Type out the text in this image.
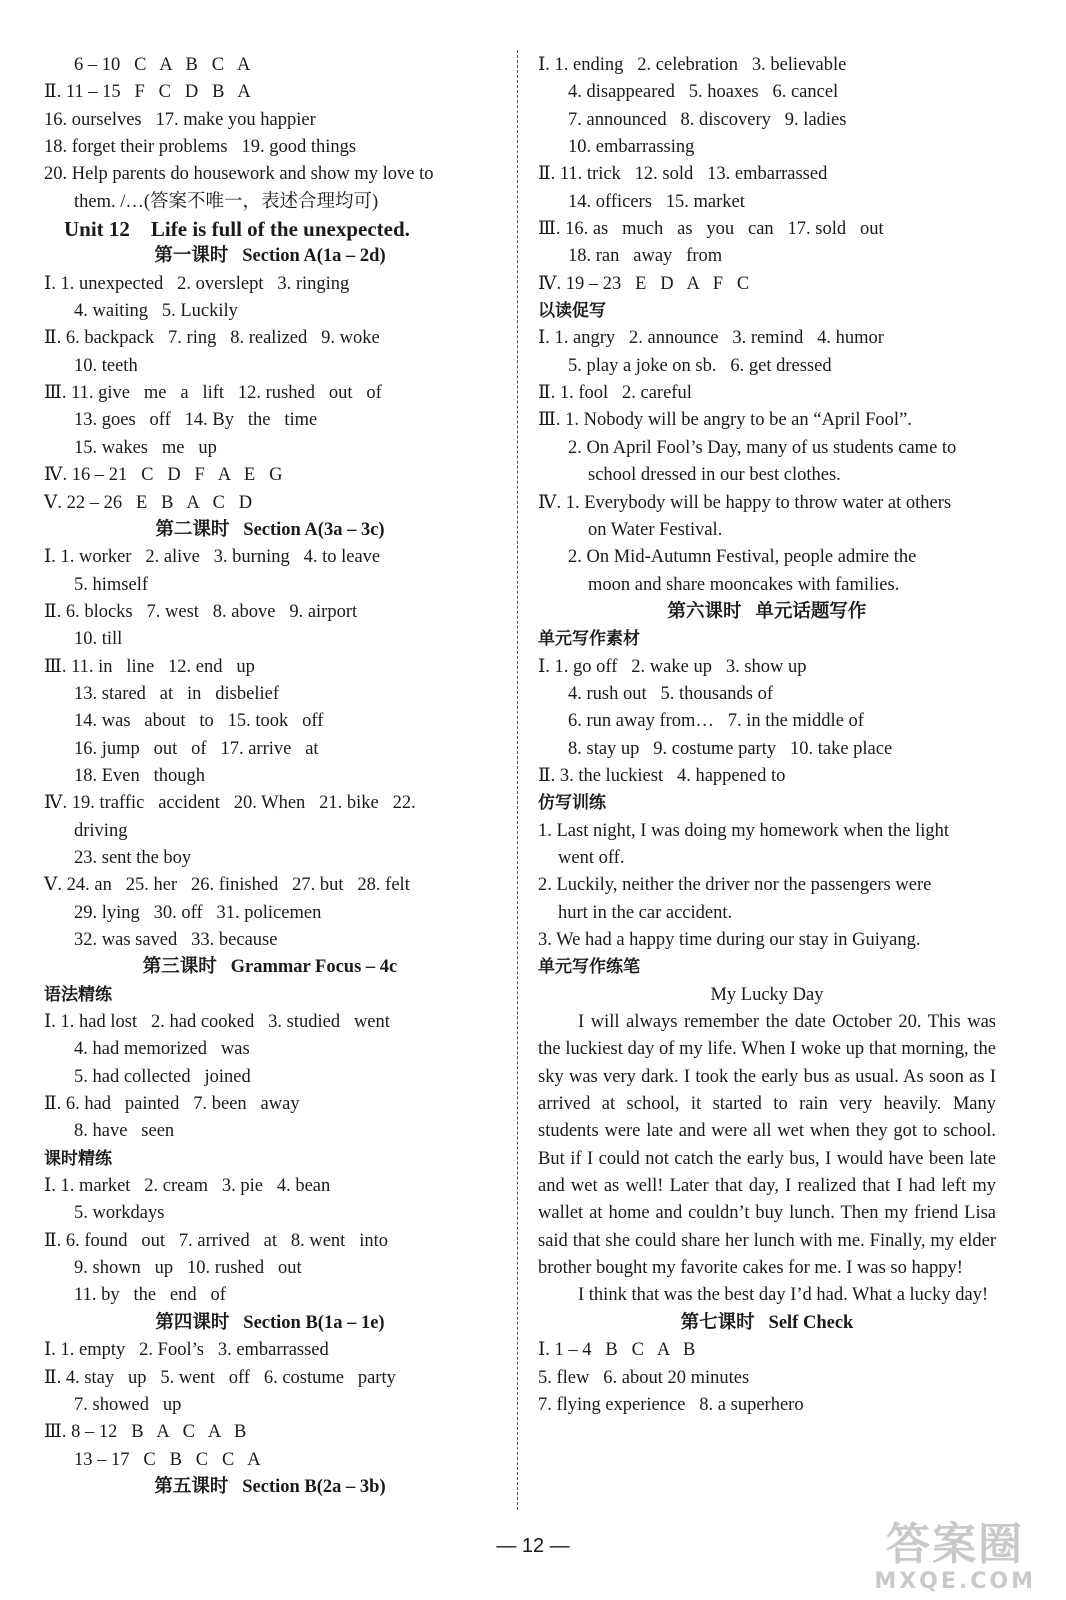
6 – 10   C   A   B   C   A
Ⅱ. 11 – 15   F   C   D   B   A
16. ourselves   17. make you happier
18. forget their problems   19. good things
20. Help parents do housework and show my love to
them. /…(答案不唯一，表述合理均可)
Unit 12    Life is full of the unexpected.
第一课时   Section A(1a – 2d)
Ⅰ. 1. unexpected   2. overslept   3. ringing
4. waiting   5. Luckily
Ⅱ. 6. backpack   7. ring   8. realized   9. woke
10. teeth
Ⅲ. 11. give   me   a   lift   12. rushed   out   of
13. goes   off   14. By   the   time
15. wakes   me   up
Ⅳ. 16 – 21   C   D   F   A   E   G
Ⅴ. 22 – 26   E   B   A   C   D
第二课时   Section A(3a – 3c)
Ⅰ. 1. worker   2. alive   3. burning   4. to leave
5. himself
Ⅱ. 6. blocks   7. west   8. above   9. airport
10. till
Ⅲ. 11. in   line   12. end   up
13. stared   at   in   disbelief
14. was   about   to   15. took   off
16. jump   out   of   17. arrive   at
18. Even   though
Ⅳ. 19. traffic   accident   20. When   21. bike   22.
driving
23. sent the boy
Ⅴ. 24. an   25. her   26. finished   27. but   28. felt
29. lying   30. off   31. policemen
32. was saved   33. because
第三课时   Grammar Focus – 4c
语法精练
Ⅰ. 1. had lost   2. had cooked   3. studied   went
4. had memorized   was
5. had collected   joined
Ⅱ. 6. had   painted   7. been   away
8. have   seen
课时精练
Ⅰ. 1. market   2. cream   3. pie   4. bean
5. workdays
Ⅱ. 6. found   out   7. arrived   at   8. went   into
9. shown   up   10. rushed   out
11. by   the   end   of
第四课时   Section B(1a – 1e)
Ⅰ. 1. empty   2. Fool’s   3. embarrassed
Ⅱ. 4. stay   up   5. went   off   6. costume   party
7. showed   up
Ⅲ. 8 – 12   B   A   C   A   B
13 – 17   C   B   C   C   A
第五课时   Section B(2a – 3b)
Ⅰ. 1. ending   2. celebration   3. believable
4. disappeared   5. hoaxes   6. cancel
7. announced   8. discovery   9. ladies
10. embarrassing
Ⅱ. 11. trick   12. sold   13. embarrassed
14. officers   15. market
Ⅲ. 16. as   much   as   you   can   17. sold   out
18. ran   away   from
Ⅳ. 19 – 23   E   D   A   F   C
以读促写
Ⅰ. 1. angry   2. announce   3. remind   4. humor
5. play a joke on sb.   6. get dressed
Ⅱ. 1. fool   2. careful
Ⅲ. 1. Nobody will be angry to be an “April Fool”.
2. On April Fool’s Day, many of us students came to
school dressed in our best clothes.
Ⅳ. 1. Everybody will be happy to throw water at others
on Water Festival.
2. On Mid-Autumn Festival, people admire the
moon and share mooncakes with families.
第六课时   单元话题写作
单元写作素材
Ⅰ. 1. go off   2. wake up   3. show up
4. rush out   5. thousands of
6. run away from…   7. in the middle of
8. stay up   9. costume party   10. take place
Ⅱ. 3. the luckiest   4. happened to
仿写训练
1. Last night, I was doing my homework when the light
went off.
2. Luckily, neither the driver nor the passengers were
hurt in the car accident.
3. We had a happy time during our stay in Guiyang.
单元写作练笔
My Lucky Day

I will always remember the date October 20. This was the luckiest day of my life. When I woke up that morning, the sky was very dark. I took the early bus as usual. As soon as I arrived at school, it started to rain very heavily. Many students were late and were all wet when they got to school. But if I could not catch the early bus, I would have been late and wet as well! Later that day, I realized that I had left my wallet at home and couldn’t buy lunch. Then my friend Lisa said that she could share her lunch with me. Finally, my elder brother bought my favorite cakes for me. I was so happy!

I think that was the best day I’d had. What a lucky day!

第七课时   Self Check
Ⅰ. 1 – 4   B   C   A   B
5. flew   6. about 20 minutes
7. flying experience   8. a superhero
— 12 —	答案圈
MXQE.COM
